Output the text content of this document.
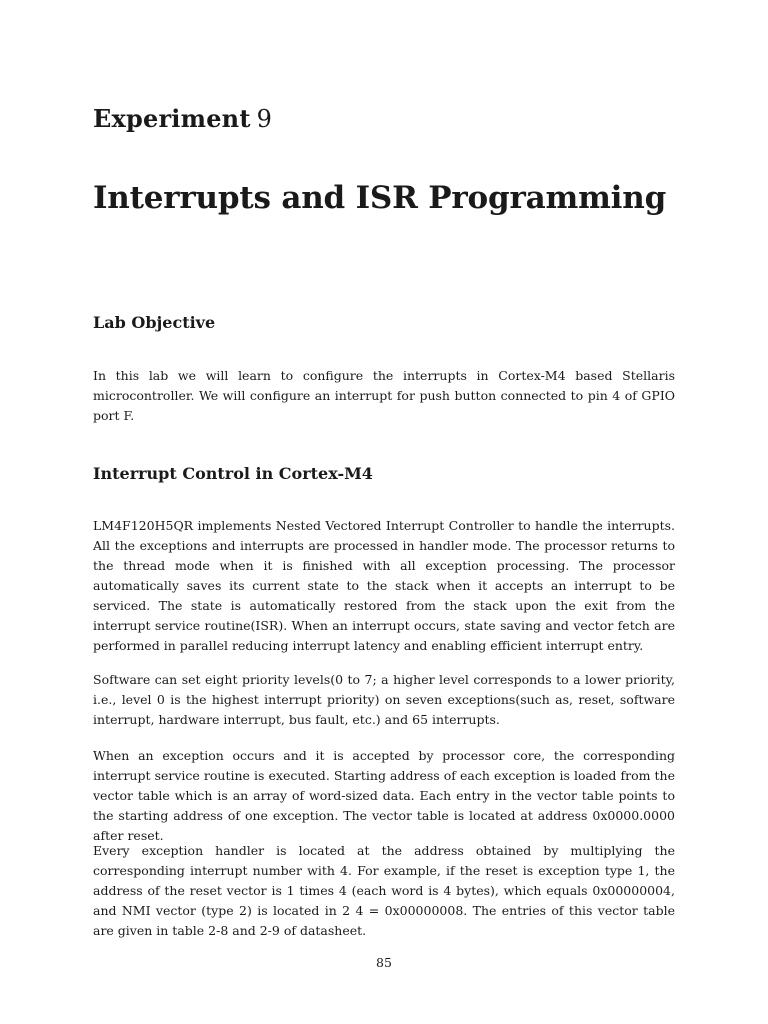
Experiment 9
Interrupts and ISR Programming
Lab Objective
In this lab we will learn to configure the interrupts in Cortex-M4 based Stellaris microcontroller. We will configure an interrupt for push button connected to pin 4 of GPIO port F.
Interrupt Control in Cortex-M4
LM4F120H5QR implements Nested Vectored Interrupt Controller to handle the interrupts. All the exceptions and interrupts are processed in handler mode. The processor returns to the thread mode when it is finished with all exception processing. The processor automatically saves its current state to the stack when it accepts an interrupt to be serviced. The state is automatically restored from the stack upon the exit from the interrupt service routine(ISR). When an interrupt occurs, state saving and vector fetch are performed in parallel reducing interrupt latency and enabling efficient interrupt entry.
Software can set eight priority levels(0 to 7; a higher level corresponds to a lower priority, i.e., level 0 is the highest interrupt priority) on seven exceptions(such as, reset, software interrupt, hardware interrupt, bus fault, etc.) and 65 interrupts.
When an exception occurs and it is accepted by processor core, the corresponding interrupt service routine is executed. Starting address of each exception is loaded from the vector table which is an array of word-sized data. Each entry in the vector table points to the starting address of one exception. The vector table is located at address 0x0000.0000 after reset.
Every exception handler is located at the address obtained by multiplying the corresponding interrupt number with 4. For example, if the reset is exception type 1, the address of the reset vector is 1 times 4 (each word is 4 bytes), which equals 0x00000004, and NMI vector (type 2) is located in 2 4 = 0x00000008. The entries of this vector table are given in table 2-8 and 2-9 of datasheet.
85
